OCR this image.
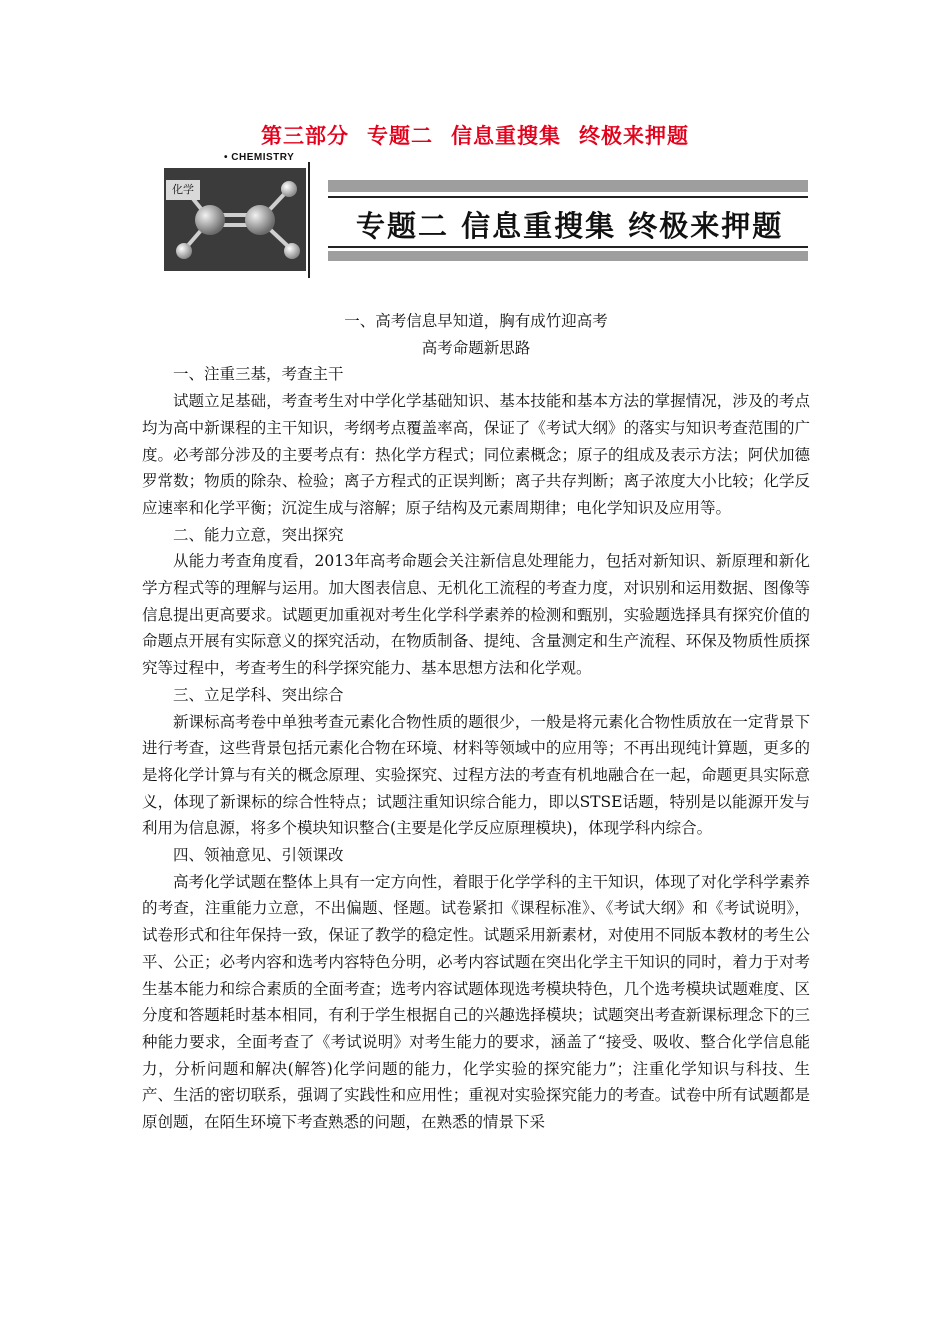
第三部分 专题二 信息重搜集 终极来押题
• CHEMISTRY
化学
专题二 信息重搜集 终极来押题
一、高考信息早知道，胸有成竹迎高考
高考命题新思路

一、注重三基，考查主干

试题立足基础，考查考生对中学化学基础知识、基本技能和基本方法的掌握情况，涉及的考点均为高中新课程的主干知识，考纲考点覆盖率高，保证了《考试大纲》的落实与知识考查范围的广度。必考部分涉及的主要考点有：热化学方程式；同位素概念；原子的组成及表示方法；阿伏加德罗常数；物质的除杂、检验；离子方程式的正误判断；离子共存判断；离子浓度大小比较；化学反应速率和化学平衡；沉淀生成与溶解；原子结构及元素周期律；电化学知识及应用等。

二、能力立意，突出探究

从能力考查角度看，2013年高考命题会关注新信息处理能力，包括对新知识、新原理和新化学方程式等的理解与运用。加大图表信息、无机化工流程的考查力度，对识别和运用数据、图像等信息提出更高要求。试题更加重视对考生化学科学素养的检测和甄别，实验题选择具有探究价值的命题点开展有实际意义的探究活动，在物质制备、提纯、含量测定和生产流程、环保及物质性质探究等过程中，考查考生的科学探究能力、基本思想方法和化学观。

三、立足学科、突出综合

新课标高考卷中单独考查元素化合物性质的题很少，一般是将元素化合物性质放在一定背景下进行考查，这些背景包括元素化合物在环境、材料等领域中的应用等；不再出现纯计算题，更多的是将化学计算与有关的概念原理、实验探究、过程方法的考查有机地融合在一起，命题更具实际意义，体现了新课标的综合性特点；试题注重知识综合能力，即以STSE话题，特别是以能源开发与利用为信息源，将多个模块知识整合(主要是化学反应原理模块)，体现学科内综合。

四、领袖意见、引领课改

高考化学试题在整体上具有一定方向性，着眼于化学学科的主干知识，体现了对化学科学素养的考查，注重能力立意，不出偏题、怪题。试卷紧扣《课程标准》、《考试大纲》和《考试说明》，试卷形式和往年保持一致，保证了教学的稳定性。试题采用新素材，对使用不同版本教材的考生公平、公正；必考内容和选考内容特色分明，必考内容试题在突出化学主干知识的同时，着力于对考生基本能力和综合素质的全面考查；选考内容试题体现选考模块特色，几个选考模块试题难度、区分度和答题耗时基本相同，有利于学生根据自己的兴趣选择模块；试题突出考查新课标理念下的三种能力要求，全面考查了《考试说明》对考生能力的要求，涵盖了“接受、吸收、整合化学信息能力，分析问题和解决(解答)化学问题的能力，化学实验的探究能力”；注重化学知识与科技、生产、生活的密切联系，强调了实践性和应用性；重视对实验探究能力的考查。试卷中所有试题都是原创题，在陌生环境下考查熟悉的问题，在熟悉的情景下采
